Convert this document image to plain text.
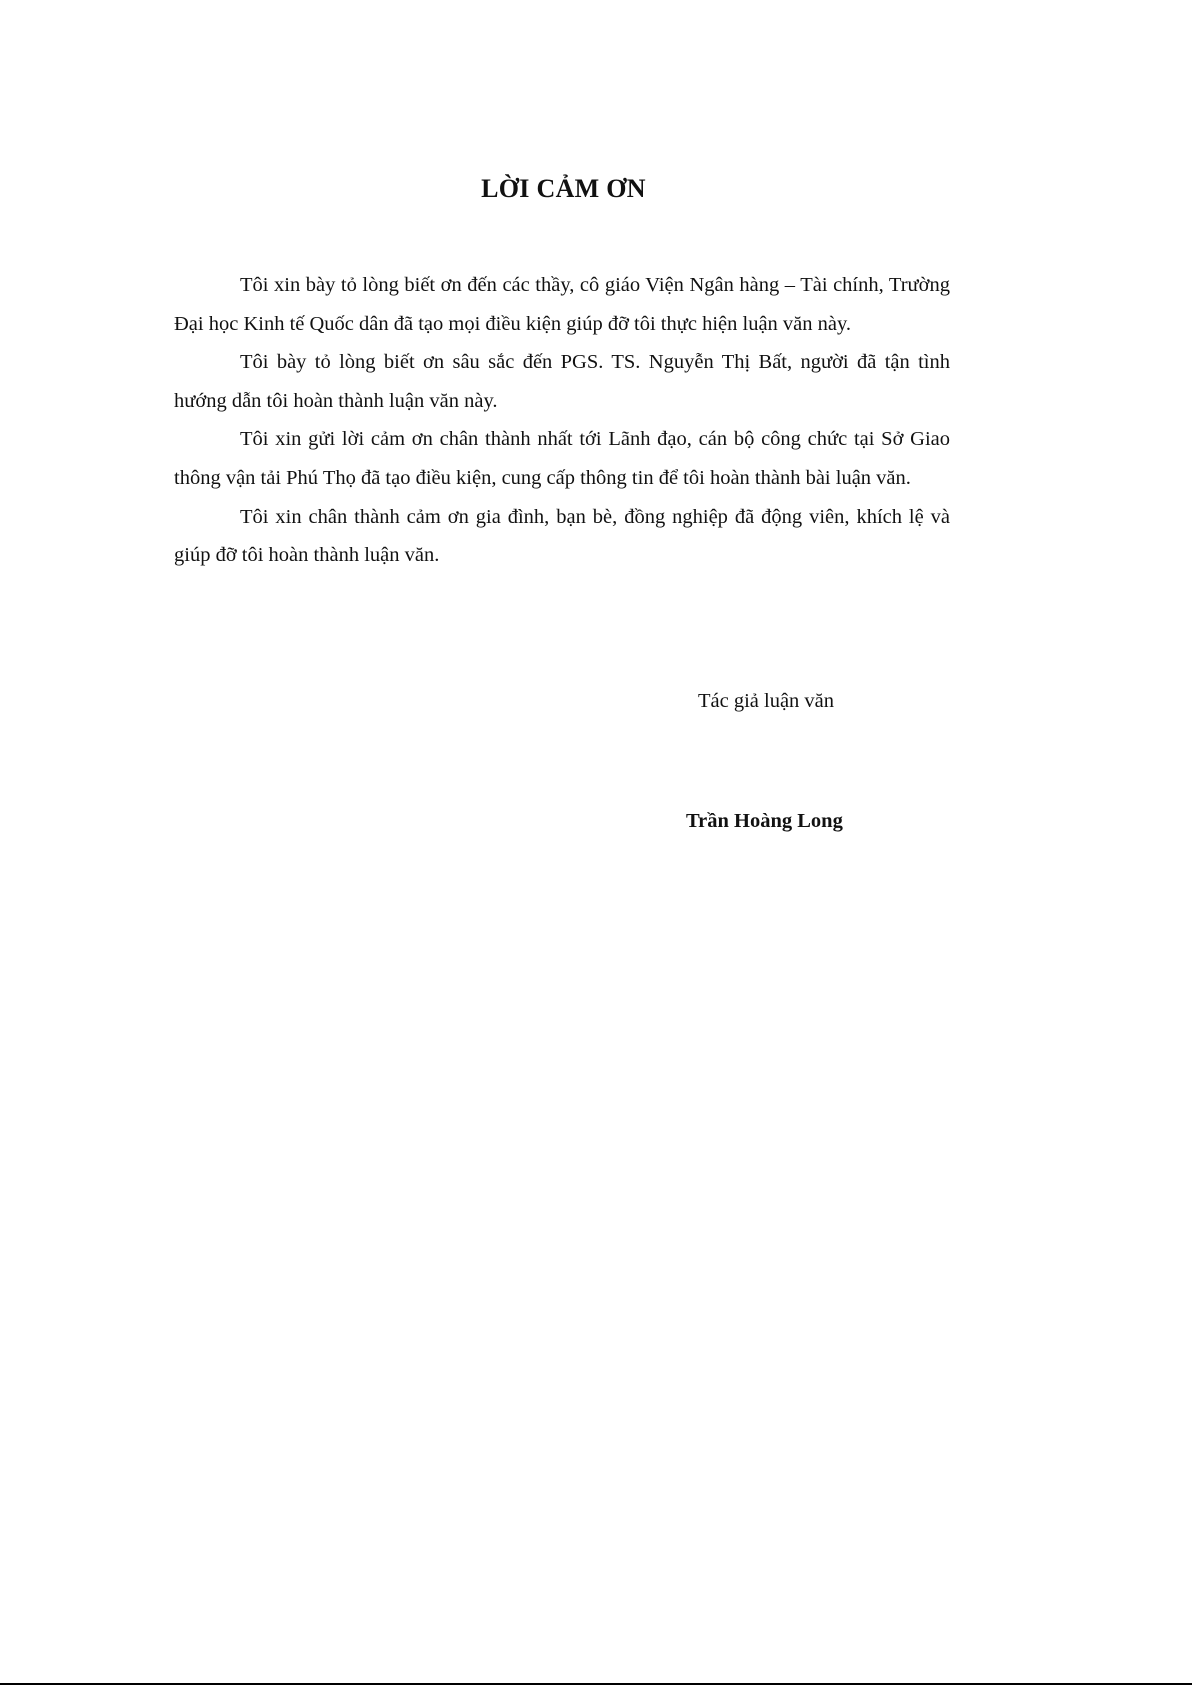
LỜI CẢM ƠN

Tôi xin bày tỏ lòng biết ơn đến các thầy, cô giáo Viện Ngân hàng – Tài chính, Trường Đại học Kinh tế Quốc dân đã tạo mọi điều kiện giúp đỡ tôi thực hiện luận văn này.

Tôi bày tỏ lòng biết ơn sâu sắc đến PGS. TS. Nguyễn Thị Bất, người đã tận tình hướng dẫn tôi hoàn thành luận văn này.

Tôi xin gửi lời cảm ơn chân thành nhất tới Lãnh đạo, cán bộ công chức tại Sở Giao thông vận tải Phú Thọ đã tạo điều kiện, cung cấp thông tin để tôi hoàn thành bài luận văn.

Tôi xin chân thành cảm ơn gia đình, bạn bè, đồng nghiệp đã động viên, khích lệ và giúp đỡ tôi hoàn thành luận văn.

Tác giả luận văn

Trần Hoàng Long
